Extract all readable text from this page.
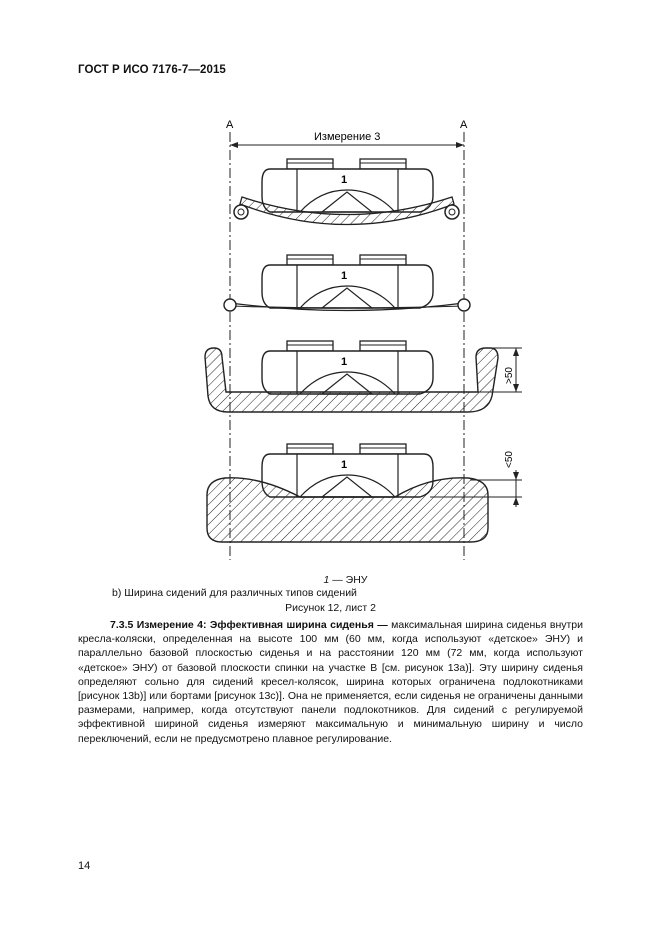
ГОСТ Р ИСО 7176-7—2015
A	A
Измерение 3
1
1
1
>50
1	<50
1 — ЭНУ
b) Ширина сидений для различных типов сидений
Рисунок 12, лист 2
7.3.5 Измерение 4: Эффективная ширина сиденья — максимальная ширина сиденья внутри кресла-коляски, определенная на высоте 100 мм (60 мм, когда используют «детское» ЭНУ) и параллельно базовой плоскостью сиденья и на расстоянии 120 мм (72 мм, когда используют «детское» ЭНУ) от базовой плоскости спинки на участке В [см. рисунок 13а)]. Эту ширину сиденья определяют сольно для сидений кресел-колясок, ширина которых ограничена подлокотниками [рисунок 13b)] или бортами [рисунок 13с)]. Она не применяется, если сиденья не ограничены данными размерами, например, когда отсутствуют панели подлокотников. Для сидений с регулируемой эффективной шириной сиденья измеряют максимальную и минимальную ширину и число переключений, если не предусмотрено плавное регулирование.
14
